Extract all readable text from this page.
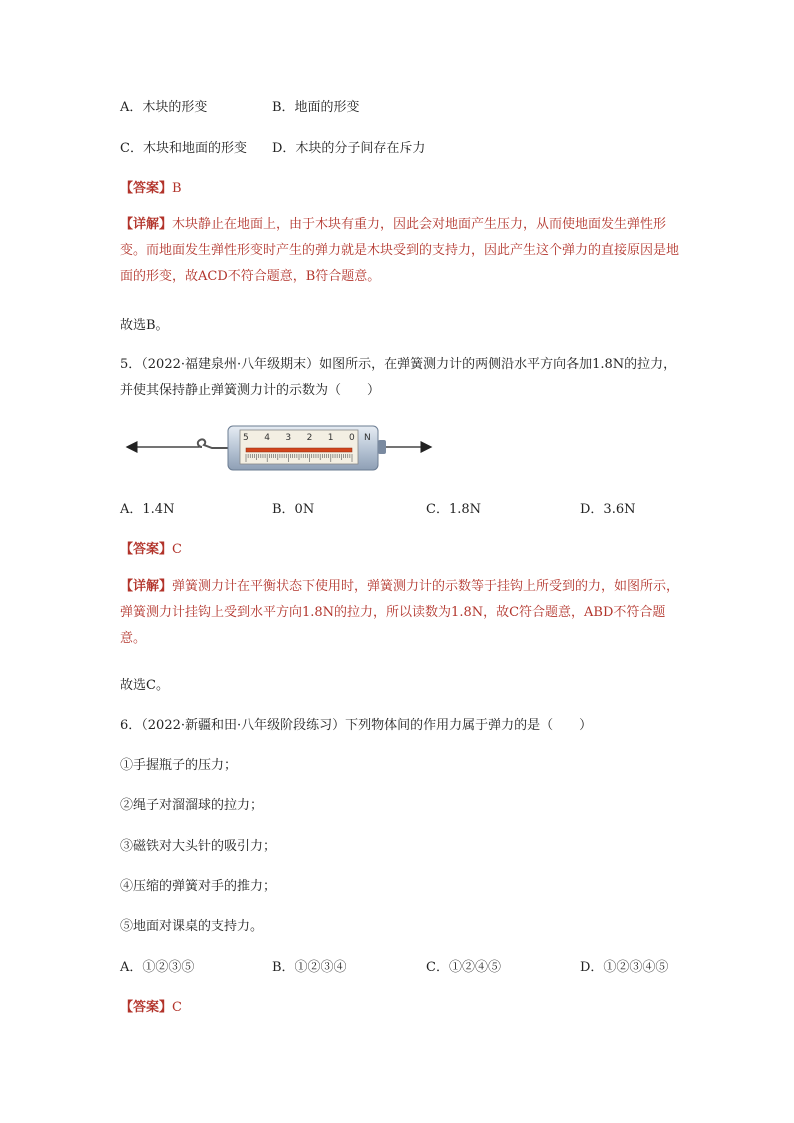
A．木块的形变	B．地面的形变
C．木块和地面的形变 D．木块的分子间存在斥力
【答案】B
【详解】木块静止在地面上，由于木块有重力，因此会对地面产生压力，从而使地面发生弹性形变。而地面发生弹性形变时产生的弹力就是木块受到的支持力，因此产生这个弹力的直接原因是地面的形变，故ACD不符合题意，B符合题意。
故选B。
5．（2022·福建泉州·八年级期末）如图所示，在弹簧测力计的两侧沿水平方向各加1.8N的拉力，并使其保持静止弹簧测力计的示数为（　　）
5 4 3 2 1 0 N
A．1.4N	B．0N	C．1.8N	D．3.6N
【答案】C
【详解】弹簧测力计在平衡状态下使用时，弹簧测力计的示数等于挂钩上所受到的力，如图所示，弹簧测力计挂钩上受到水平方向1.8N的拉力，所以读数为1.8N，故C符合题意，ABD不符合题意。
故选C。
6．（2022·新疆和田·八年级阶段练习）下列物体间的作用力属于弹力的是（　　）
①手握瓶子的压力；
②绳子对溜溜球的拉力；
③磁铁对大头针的吸引力；
④压缩的弹簧对手的推力；
⑤地面对课桌的支持力。
A．①②③⑤	B．①②③④	C．①②④⑤	D．①②③④⑤
【答案】C
